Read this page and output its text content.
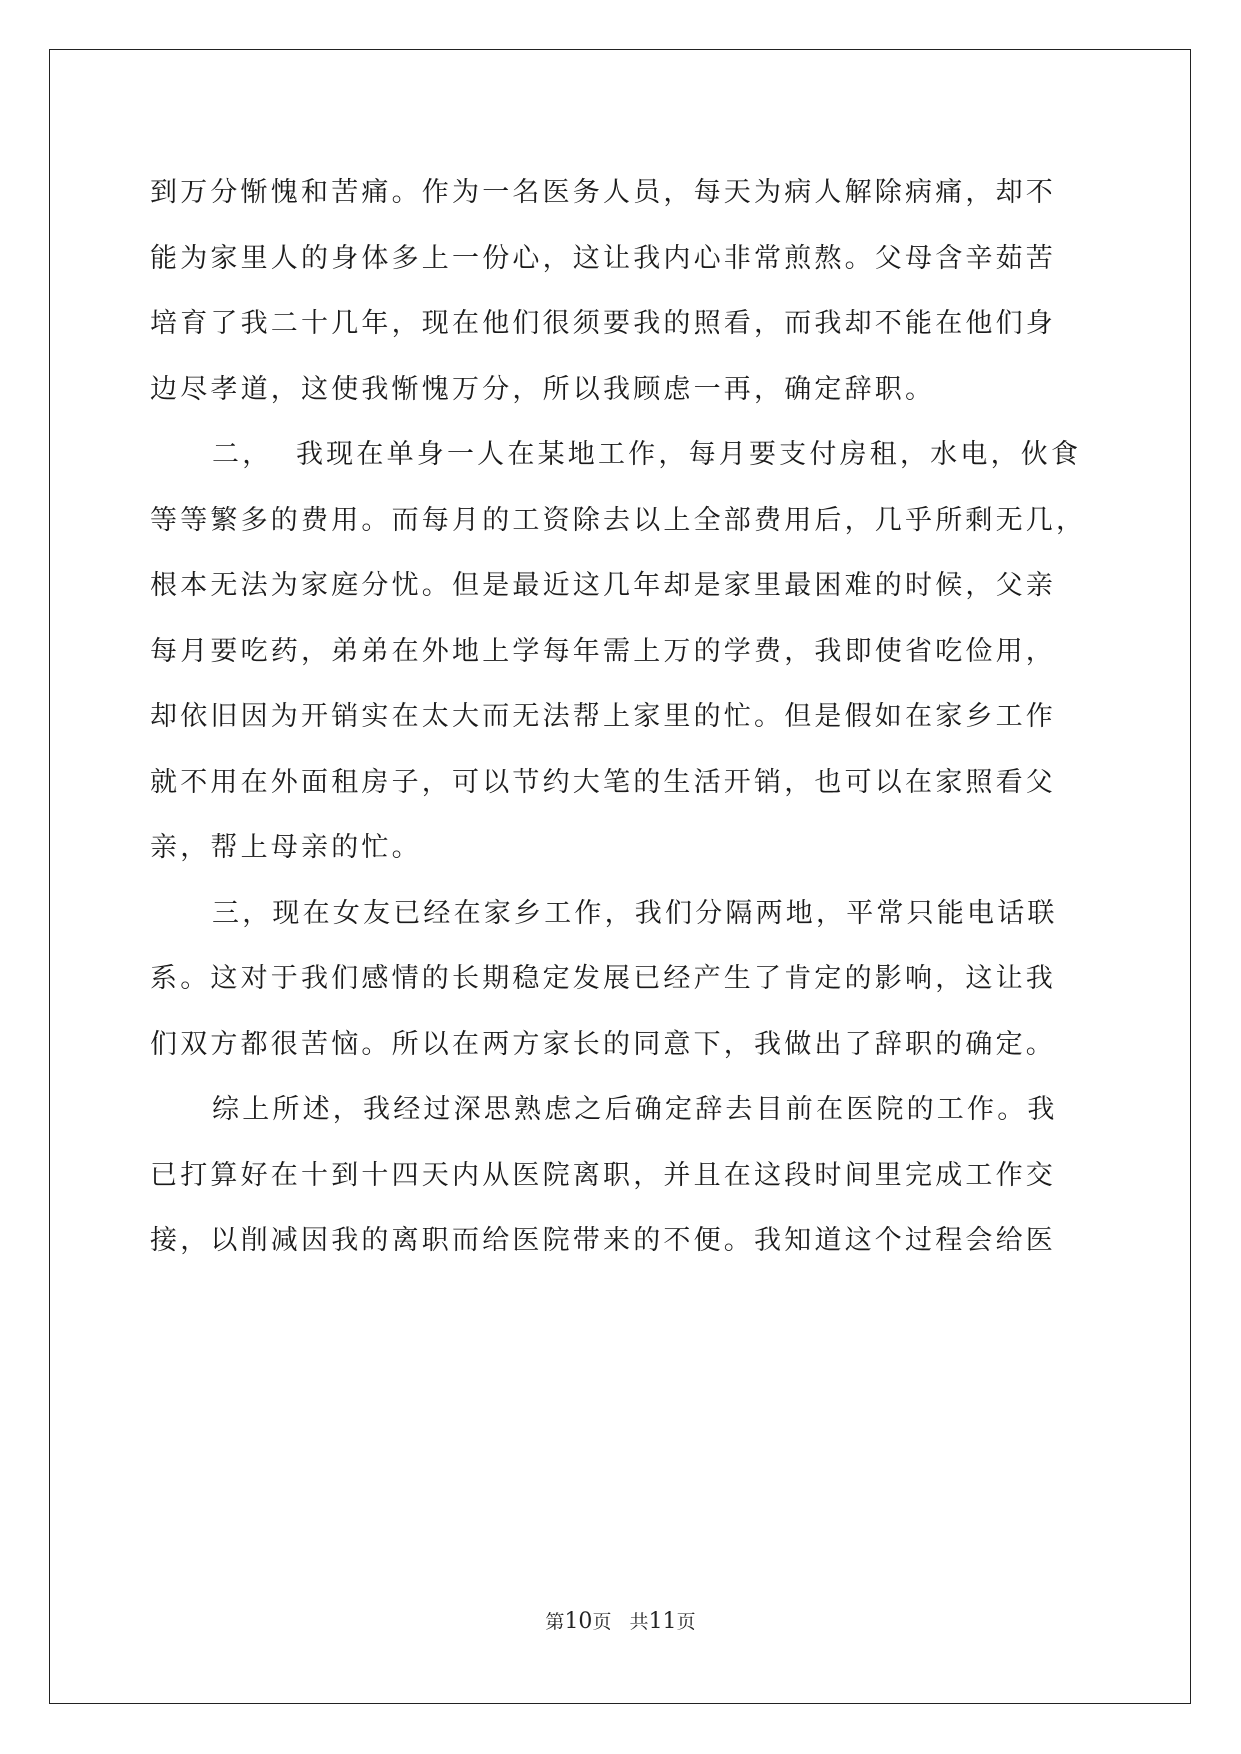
到万分惭愧和苦痛。作为一名医务人员，每天为病人解除病痛，却不
能为家里人的身体多上一份心，这让我内心非常煎熬。父母含辛茹苦
培育了我二十几年，现在他们很须要我的照看，而我却不能在他们身
边尽孝道，这使我惭愧万分，所以我顾虑一再，确定辞职。
二，  我现在单身一人在某地工作，每月要支付房租，水电，伙食
等等繁多的费用。而每月的工资除去以上全部费用后，几乎所剩无几，
根本无法为家庭分忧。但是最近这几年却是家里最困难的时候，父亲
每月要吃药，弟弟在外地上学每年需上万的学费，我即使省吃俭用，
却依旧因为开销实在太大而无法帮上家里的忙。但是假如在家乡工作
就不用在外面租房子，可以节约大笔的生活开销，也可以在家照看父
亲，帮上母亲的忙。
三，现在女友已经在家乡工作，我们分隔两地，平常只能电话联
系。这对于我们感情的长期稳定发展已经产生了肯定的影响，这让我
们双方都很苦恼。所以在两方家长的同意下，我做出了辞职的确定。
综上所述，我经过深思熟虑之后确定辞去目前在医院的工作。我
已打算好在十到十四天内从医院离职，并且在这段时间里完成工作交
接，以削减因我的离职而给医院带来的不便。我知道这个过程会给医
第10页   共11页
